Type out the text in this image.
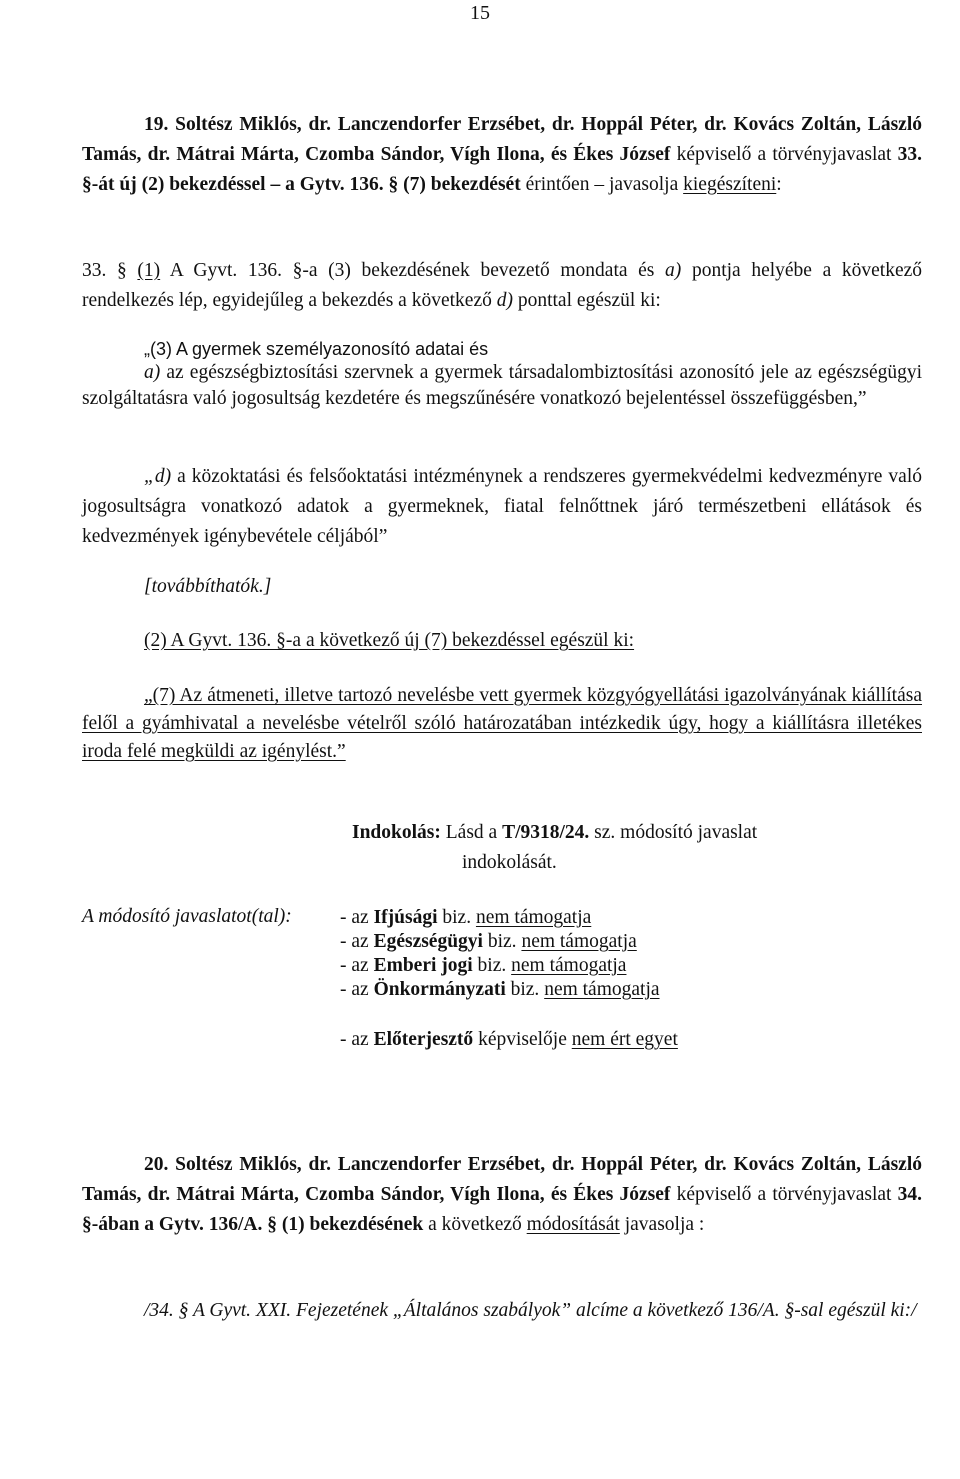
15

19. Soltész Miklós, dr. Lanczendorfer Erzsébet, dr. Hoppál Péter, dr. Kovács Zoltán, László Tamás, dr. Mátrai Márta, Czomba Sándor, Vígh Ilona, és Ékes József képviselő a törvényjavaslat 33. §-át új (2) bekezdéssel – a Gytv. 136. § (7) bekezdését érintően – javasolja kiegészíteni:

33. § (1) A Gyvt. 136. §-a (3) bekezdésének bevezető mondata és a) pontja helyébe a következő rendelkezés lép, egyidejűleg a bekezdés a következő d) ponttal egészül ki:

„(3) A gyermek személyazonosító adatai és

a) az egészségbiztosítási szervnek a gyermek társadalombiztosítási azonosító jele az egészségügyi szolgáltatásra való jogosultság kezdetére és megszűnésére vonatkozó bejelentéssel összefüggésben,”

„d) a közoktatási és felsőoktatási intézménynek a rendszeres gyermekvédelmi kedvezményre való jogosultságra vonatkozó adatok a gyermeknek, fiatal felnőttnek járó természetbeni ellátások és kedvezmények igénybevétele céljából”

[továbbíthatók.]

(2) A Gyvt. 136. §-a a következő új (7) bekezdéssel egészül ki:

„(7) Az átmeneti, illetve tartozó nevelésbe vett gyermek közgyógyellátási igazolványának kiállítása felől a gyámhivatal a nevelésbe vételről szóló határozatában intézkedik úgy, hogy a kiállításra illetékes iroda felé megküldi az igénylést.”

Indokolás: Lásd a T/9318/24. sz. módosító javaslat
indokolását.
A módosító javaslatot(tal): - az Ifjúsági biz. nem támogatja
- az Egészségügyi biz. nem támogatja
- az Emberi jogi biz. nem támogatja
- az Önkormányzati biz. nem támogatja
- az Előterjesztő képviselője nem ért egyet

20. Soltész Miklós, dr. Lanczendorfer Erzsébet, dr. Hoppál Péter, dr. Kovács Zoltán, László Tamás, dr. Mátrai Márta, Czomba Sándor, Vígh Ilona, és Ékes József képviselő a törvényjavaslat 34. §-ában a Gytv. 136/A. § (1) bekezdésének a következő módosítását javasolja :

/34. § A Gyvt. XXI. Fejezetének „Általános szabályok” alcíme a következő 136/A. §-sal egészül ki:/
